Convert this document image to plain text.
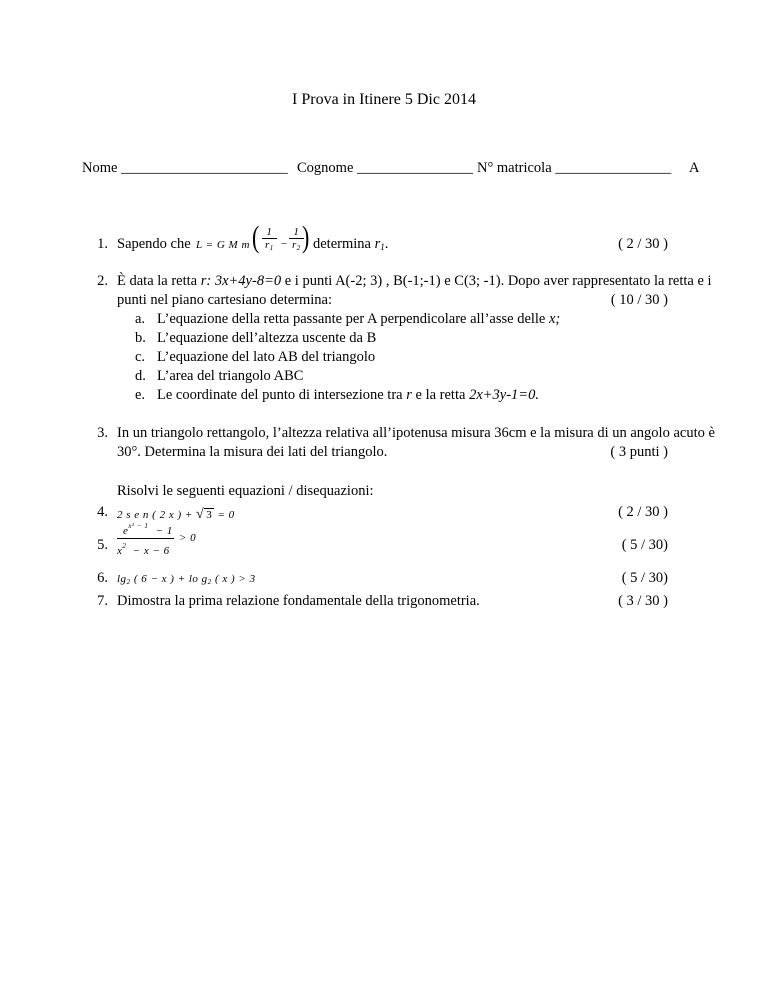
I Prova in Itinere 5 Dic 2014
Nome _______________________ Cognome ________________ N° matricola ________________ A
1. Sapendo che L = G M m ( 1
$r_1$ −
1
$r_2$ ) determina $r_1$.	( 2 / 30 )
2. È data la retta r: 3x+4y-8=0 e i punti A(-2; 3) , B(-1;-1) e C(3; -1). Dopo aver rappresentato la retta e i
punti nel piano cartesiano determina:	( 10 / 30 )
a. L’equazione della retta passante per A perpendicolare all’asse delle x;
b. L’equazione dell’altezza uscente da B
c. L’equazione del lato AB del triangolo
d. L’area del triangolo ABC
e. Le coordinate del punto di intersezione tra r e la retta 2x+3y-1=0.
3. In un triangolo rettangolo, l’altezza relativa all’ipotenusa misura 36cm e la misura di un angolo acuto è
30°. Determina la misura dei lati del triangolo.	( 3 punti )
Risolvi le seguenti equazioni / disequazioni:
4. 2 s e n ( 2 x ) + √ 3 = 0	( 2 / 30 )
5.
$e^{x^2 - 1} - 1$
$x^2 - x - 6$
> 0	( 5 / 30)
6. $\lg_2$ ( 6 − x ) + lo $g_2$ ( x ) > 3	( 5 / 30)
7. Dimostra la prima relazione fondamentale della trigonometria.	( 3 / 30 )
